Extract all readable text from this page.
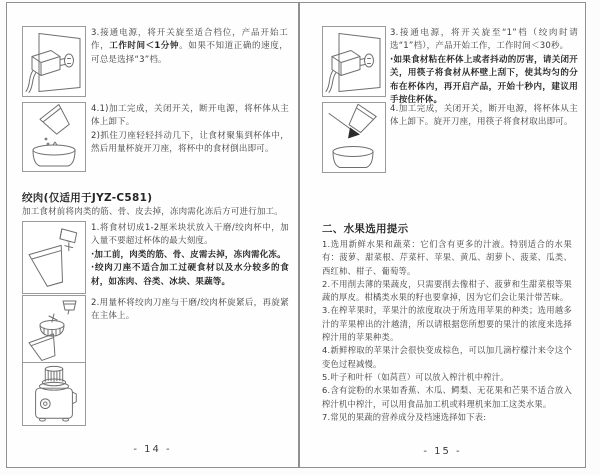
3.接通电源，将开关旋至适合档位，产品开始工作，工作时间＜1分钟。如果不知道正确的速度，可总是选择“3”档。
4.1)加工完成，关闭开关，断开电源，将杯体从主体上卸下。
2)抓住刀座轻轻抖动几下，让食材聚集到杯体中，然后用量杯旋开刀座，将杯中的食材倒出即可。
绞肉(仅适用于JYZ-C581)
加工食材前将肉类的筋、骨、皮去掉，冻肉需化冻后方可进行加工。
1.将食材切成1-2厘米块状放入干磨/绞肉杯中，加入量不要超过杯体的最大刻度。
·加工前，肉类的筋、骨、皮需去掉，冻肉需化冻。
·绞肉刀座不适合加工过硬食材以及水分较多的食材，如冻肉、谷类、冰块、果蔬等。
2.用量杯将绞肉刀座与干磨/绞肉杯旋紧后，再旋紧在主体上。
- 14 -
3.接通电源，将开关旋至“1”档（绞肉时请选“1”档），产品开始工作，工作时间＜30秒。
·如果食材粘在杯体上或者抖动的厉害，请关闭开关，用筷子将食材从杯壁上刮下，使其均匀的分布在杯体内，再开启产品，开始十秒内，建议用手按住杯体。
4.加工完成，关闭开关，断开电源，将杯体从主体上卸下。旋开刀座，用筷子将食材取出即可。
二、水果选用提示

1.选用新鲜水果和蔬菜：它们含有更多的汁液。特别适合的水果有：菠萝、甜菜根、芹菜杆、苹果、黄瓜、胡萝卜、菠菜、瓜类、西红柿、柑子、葡萄等。

2.不用削去薄的果蔬皮，只需要削去像柑子、菠萝和生甜菜根等果蔬的厚皮。柑橘类水果的籽也要拿掉，因为它们会让果汁带苦味。

3.在榨苹果时，苹果汁的浓度取决于所选用苹果的种类；选用越多汁的苹果榨出的汁越清，所以请根据您所想要的果汁的浓度来选择榨汁用的苹果种类。

4.新鲜榨取的苹果汁会很快变成棕色，可以加几滴柠檬汁来令这个变色过程减慢。

5.叶子和叶杆（如莴苣）可以放入榨汁机中榨汁。

6.含有淀粉的水果如香蕉、木瓜、鳄梨、无花果和芒果不适合放入榨汁机中榨汁，可以用食品加工机或料理机来加工这类水果。

7.常见的果蔬的营养成分及档速选择如下表:

- 15 -
